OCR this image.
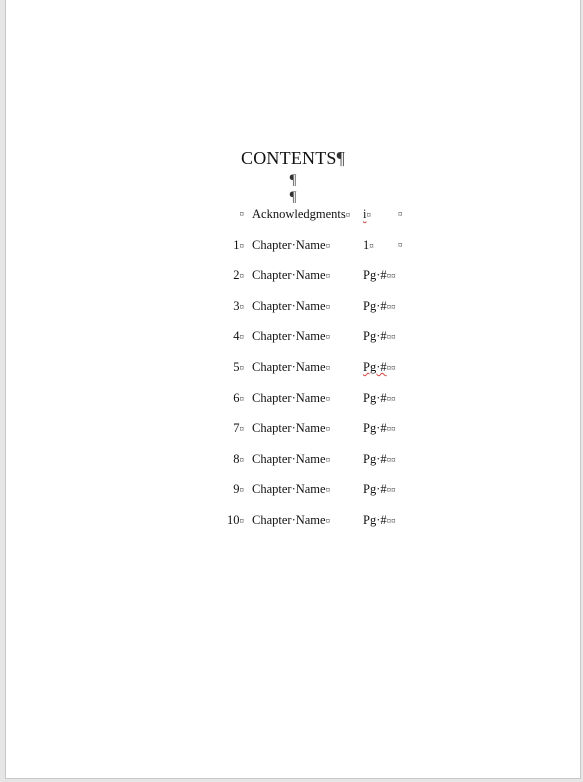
CONTENTS¶
¶
¶
¤ Acknowledgments¤ i¤	¤
1¤ Chapter·Name¤	1¤	¤
2¤ Chapter·Name¤	Pg·#¤¤
3¤ Chapter·Name¤	Pg·#¤¤
4¤ Chapter·Name¤	Pg·#¤¤
5¤ Chapter·Name¤	Pg·#¤¤
6¤ Chapter·Name¤	Pg·#¤¤
7¤ Chapter·Name¤	Pg·#¤¤
8¤ Chapter·Name¤	Pg·#¤¤
9¤ Chapter·Name¤	Pg·#¤¤
10¤ Chapter·Name¤	Pg·#¤¤
